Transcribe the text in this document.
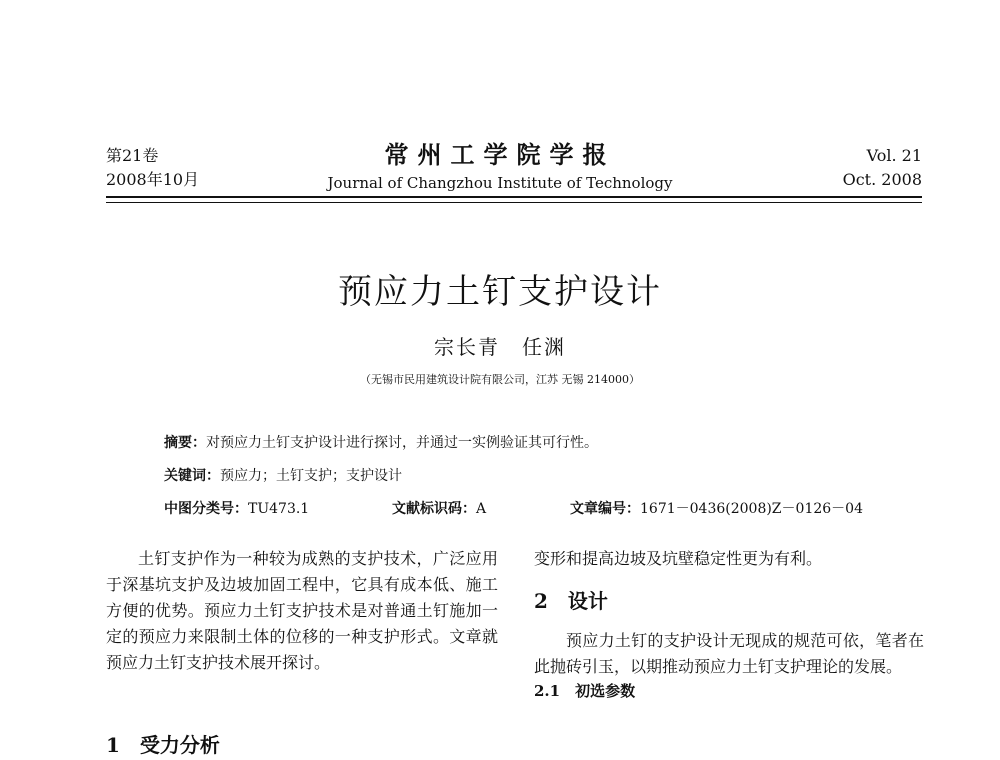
第21卷
2008年10月
常州工学院学报
Journal of Changzhou Institute of Technology
Vol. 21
Oct. 2008
预应力土钉支护设计
宗长青　任渊
（无锡市民用建筑设计院有限公司，江苏 无锡 214000）
摘要：对预应力土钉支护设计进行探讨，并通过一实例验证其可行性。
关键词：预应力；土钉支护；支护设计
中图分类号：TU473.1	文献标识码：A	文章编号：1671－0436(2008)Z－0126－04

土钉支护作为一种较为成熟的支护技术，广泛应用于深基坑支护及边坡加固工程中，它具有成本低、施工方便的优势。预应力土钉支护技术是对普通土钉施加一定的预应力来限制土体的位移的一种支护形式。文章就预应力土钉支护技术展开探讨。

1　受力分析

变形和提高边坡及坑壁稳定性更为有利。

2　设计

预应力土钉的支护设计无现成的规范可依，笔者在此抛砖引玉，以期推动预应力土钉支护理论的发展。

2.1　初选参数
